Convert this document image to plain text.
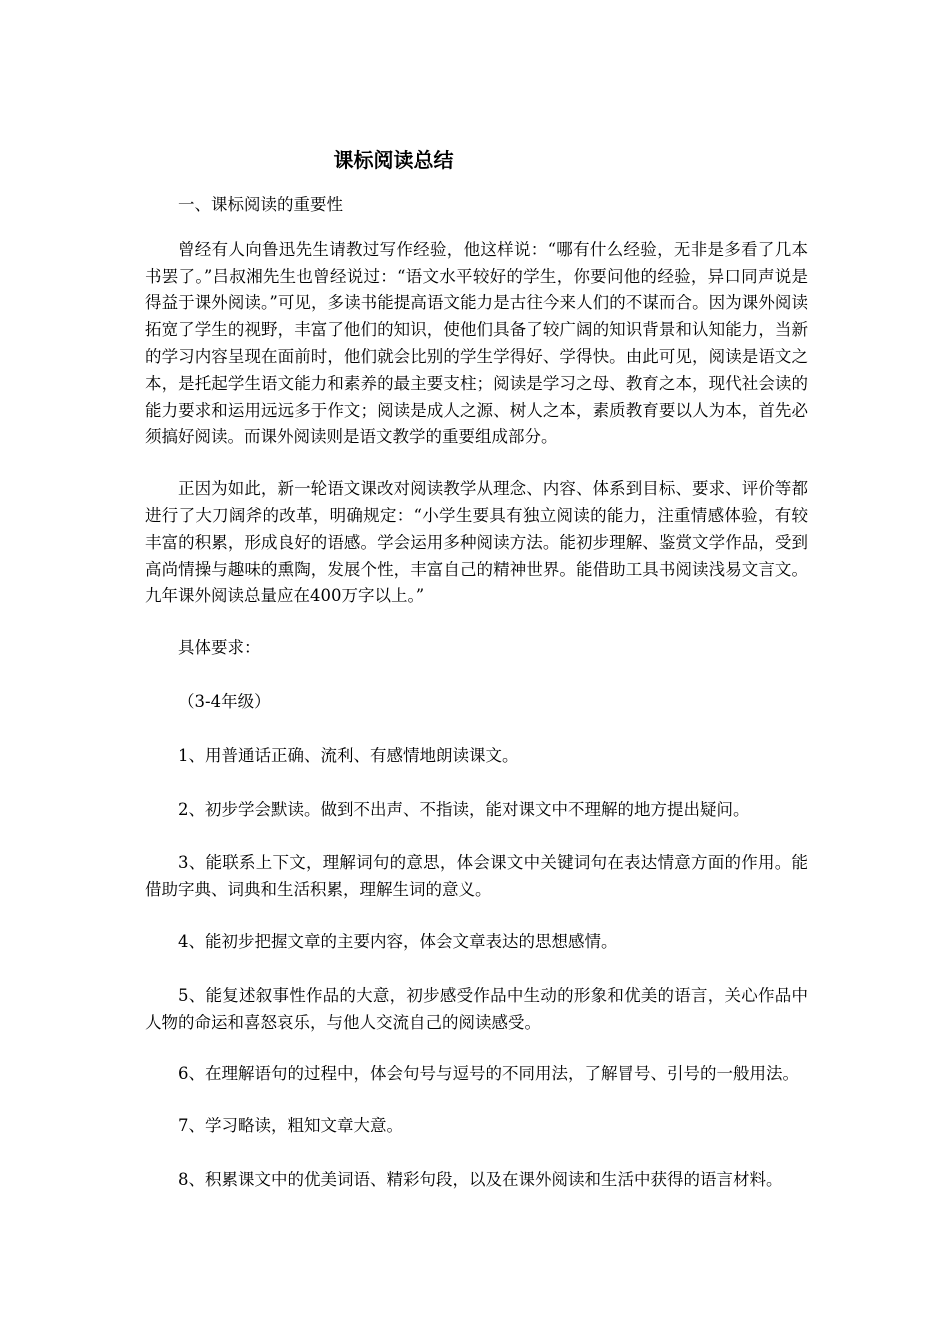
课标阅读总结

一、课标阅读的重要性

曾经有人向鲁迅先生请教过写作经验，他这样说：“哪有什么经验，无非是多看了几本书罢了。”吕叔湘先生也曾经说过：“语文水平较好的学生，你要问他的经验，异口同声说是得益于课外阅读。”可见，多读书能提高语文能力是古往今来人们的不谋而合。因为课外阅读拓宽了学生的视野，丰富了他们的知识，使他们具备了较广阔的知识背景和认知能力，当新的学习内容呈现在面前时，他们就会比别的学生学得好、学得快。由此可见，阅读是语文之本，是托起学生语文能力和素养的最主要支柱；阅读是学习之母、教育之本，现代社会读的能力要求和运用远远多于作文；阅读是成人之源、树人之本，素质教育要以人为本，首先必须搞好阅读。而课外阅读则是语文教学的重要组成部分。

正因为如此，新一轮语文课改对阅读教学从理念、内容、体系到目标、要求、评价等都进行了大刀阔斧的改革，明确规定：“小学生要具有独立阅读的能力，注重情感体验，有较丰富的积累，形成良好的语感。学会运用多种阅读方法。能初步理解、鉴赏文学作品，受到高尚情操与趣味的熏陶，发展个性，丰富自己的精神世界。能借助工具书阅读浅易文言文。九年课外阅读总量应在400万字以上。”

具体要求：

（3-4年级）

1、用普通话正确、流利、有感情地朗读课文。

2、初步学会默读。做到不出声、不指读，能对课文中不理解的地方提出疑问。

3、能联系上下文，理解词句的意思，体会课文中关键词句在表达情意方面的作用。能借助字典、词典和生活积累，理解生词的意义。

4、能初步把握文章的主要内容，体会文章表达的思想感情。

5、能复述叙事性作品的大意，初步感受作品中生动的形象和优美的语言，关心作品中人物的命运和喜怒哀乐，与他人交流自己的阅读感受。

6、在理解语句的过程中，体会句号与逗号的不同用法，了解冒号、引号的一般用法。

7、学习略读，粗知文章大意。

8、积累课文中的优美词语、精彩句段，以及在课外阅读和生活中获得的语言材料。
